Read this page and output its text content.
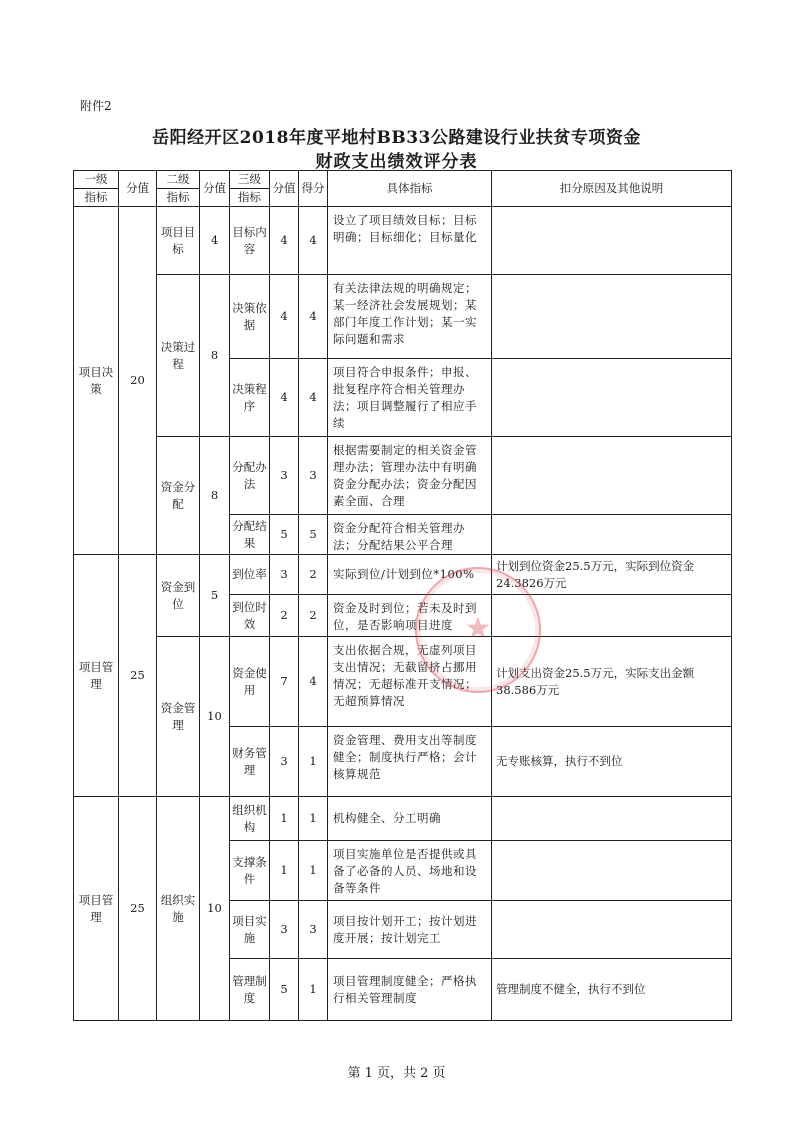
附件2
岳阳经开区2018年度平地村BB33公路建设行业扶贫专项资金
财政支出绩效评分表
一级	分值	二级	分值	三级	分值	得分	具体指标	扣分原因及其他说明
指标		指标		指标				
项目决策	20	项目目标	4	目标内容	4	4	设立了项目绩效目标；目标明确；目标细化；目标量化	
		决策过程	8	决策依据	4	4	有关法律法规的明确规定；某一经济社会发展规划；某部门年度工作计划；某一实际问题和需求	
				决策程序	4	4	项目符合申报条件；申报、批复程序符合相关管理办法；项目调整履行了相应手续	
		资金分配	8	分配办法	3	3	根据需要制定的相关资金管理办法；管理办法中有明确资金分配办法；资金分配因素全面、合理	
				分配结果	5	5	资金分配符合相关管理办法；分配结果公平合理	
项目管理	25	资金到位	5	到位率	3	2	实际到位/计划到位*100%	计划到位资金25.5万元，实际到位资金24.3826万元
				到位时效	2	2	资金及时到位；若未及时到位，是否影响项目进度	
		资金管理	10	资金使用	7	4	支出依据合规，无虚列项目支出情况；无截留挤占挪用情况；无超标准开支情况；无超预算情况	计划支出资金25.5万元，实际支出金额38.586万元
				财务管理	3	1	资金管理、费用支出等制度健全；制度执行严格；会计核算规范	无专账核算，执行不到位
项目管理	25	组织实施	10	组织机构	1	1	机构健全、分工明确	
				支撑条件	1	1	项目实施单位是否提供或具备了必备的人员、场地和设备等条件	
				项目实施	3	3	项目按计划开工；按计划进度开展；按计划完工	
				管理制度	5	1	项目管理制度健全；严格执行相关管理制度	管理制度不健全，执行不到位
★
第 1 页，共 2 页
